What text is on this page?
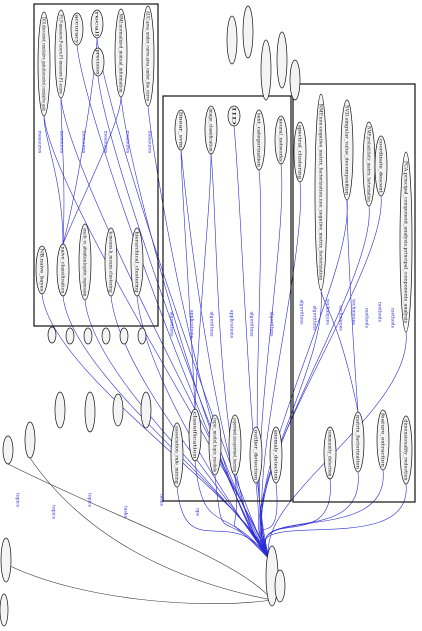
DCG.discounted_cumulative_gain.discounted_cumulative_gain	F1.F-measure.F-score.F1-measure.F1-score	recall
precision
accuracy	NMI.normalized_mutual_information	AUC.area_under_curve.area_under_the_curve
NB.naive_bayes	naive_classification	oracle_vs_attention.logistic_regression	k-means.k_means.clustering	hierarchical_clustering
linear_svm	image_classification	IID
text_categorization	neural_networks
association_rule_mining	classification	topic_model.topic_models	supervised.unsupervised_learning	outlier_detection	anomaly_detection
spectral_clustering	NMF.non-negative_matrix_factorization.non_negative_matrix_factorization	SVD.singular_value_decomposition	NMF.probabilistic_matrix_factorization coordinate_descent	PCA.principal_component_analysis.principal_components_analysis
community_detection	matrix_factorization	feature_extraction	dimensionality_reduction
measures	measures	measures	measures	measures	measures
algorithms	applications	algorithms	applications	algorithms	algorithms	algorithms algorithms techniques techniques techniques methods methods methods
topics
topics
topics
tasks
tasks
ops
